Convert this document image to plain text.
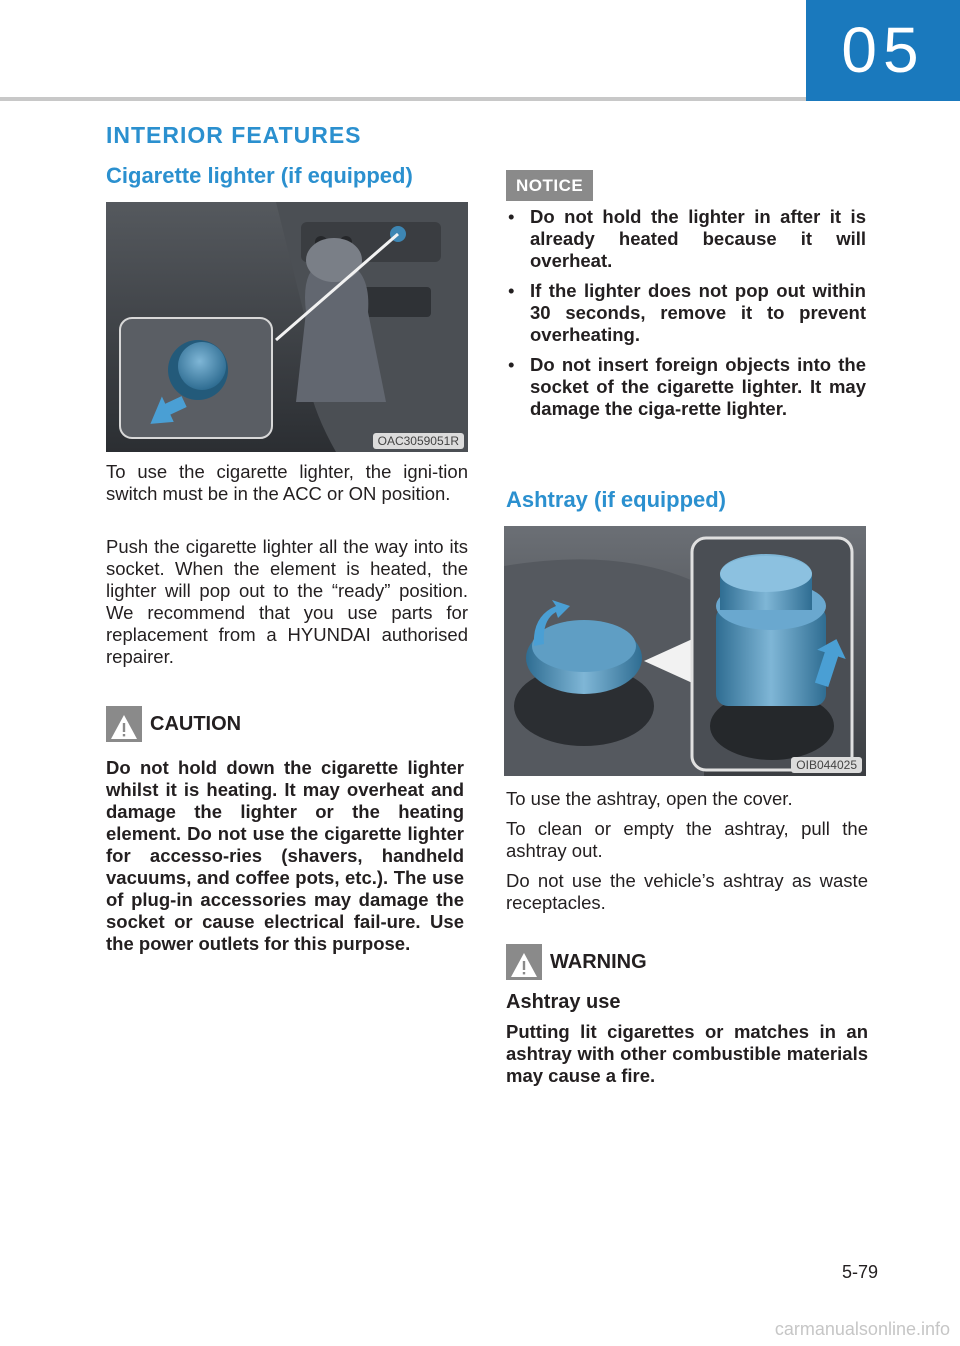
05
INTERIOR FEATURES
Cigarette lighter (if equipped)
OAC3059051R

To use the cigarette lighter, the igni-tion switch must be in the ACC or ON position.

Push the cigarette lighter all the way into its socket. When the element is heated, the lighter will pop out to the “ready” position. We recommend that you use parts for replacement from a HYUNDAI authorised repairer.

CAUTION

Do not hold down the cigarette lighter whilst it is heating. It may overheat and damage the lighter or the heating element. Do not use the cigarette lighter for accesso-ries (shavers, handheld vacuums, and coffee pots, etc.). The use of plug-in accessories may damage the socket or cause electrical fail-ure. Use the power outlets for this purpose.

NOTICE
• Do not hold the lighter in after it is already heated because it will overheat.
• If the lighter does not pop out within 30 seconds, remove it to prevent overheating.
• Do not insert foreign objects into the socket of the cigarette lighter. It may damage the ciga-rette lighter.
Ashtray (if equipped)
OIB044025

To use the ashtray, open the cover.

To clean or empty the ashtray, pull the ashtray out.

Do not use the vehicle’s ashtray as waste receptacles.

WARNING
Ashtray use

Putting lit cigarettes or matches in an ashtray with other combustible materials may cause a fire.

5-79
carmanualsonline.info
